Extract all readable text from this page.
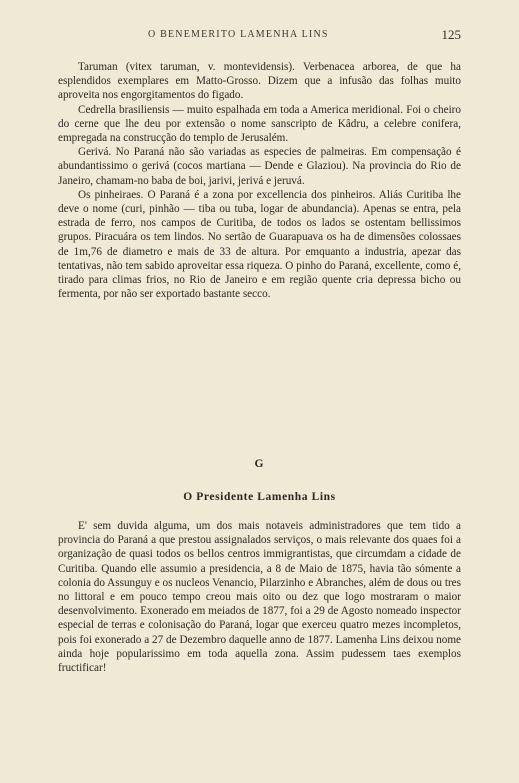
O BENEMERITO LAMENHA LINS	125

Taruman (vitex taruman, v. montevidensis). Verbenacea arborea, de que ha esplendidos exemplares em Matto-Grosso. Dizem que a infusão das folhas muito aproveita nos engorgitamentos do figado.

Cedrella brasiliensis — muito espalhada em toda a America meridional. Foi o cheiro do cerne que lhe deu por extensão o nome sanscripto de Kâdru, a celebre conifera, empregada na construcção do templo de Jerusalém.

Gerivá. No Paraná não são variadas as especies de palmeiras. Em compensação é abundantissimo o gerivá (cocos martiana — Dende e Glaziou). Na provincia do Rio de Janeiro, chamam-no baba de boi, jarivi, jerivá e jeruvá.

Os pinheiraes. O Paraná é a zona por excellencia dos pinheiros. Aliás Curitiba lhe deve o nome (curi, pinhão — tiba ou tuba, logar de abundancia). Apenas se entra, pela estrada de ferro, nos campos de Curitiba, de todos os lados se ostentam bellissimos grupos. Piracuára os tem lindos. No sertão de Guarapuava os ha de dimensões colossaes de 1m,76 de diametro e mais de 33 de altura. Por emquanto a industria, apezar das tentativas, não tem sabido aproveitar essa riqueza. O pinho do Paraná, excellente, como é, tirado para climas frios, no Rio de Janeiro e em região quente cria depressa bicho ou fermenta, por não ser exportado bastante secco.

G
O Presidente Lamenha Lins

E' sem duvida alguma, um dos mais notaveis administradores que tem tido a provincia do Paraná a que prestou assignalados serviços, o mais relevante dos quaes foi a organização de quasi todos os bellos centros immigrantistas, que circumdam a cidade de Curitiba. Quando elle assumio a presidencia, a 8 de Maio de 1875, havia tão sómente a colonia do Assunguy e os nucleos Venancio, Pilarzinho e Abranches, além de dous ou tres no littoral e em pouco tempo creou mais oito ou dez que logo mostraram o maior desenvolvimento. Exonerado em meiados de 1877, foi a 29 de Agosto nomeado inspector especial de terras e colonisação do Paraná, logar que exerceu quatro mezes incompletos, pois foi exonerado a 27 de Dezembro daquelle anno de 1877. Lamenha Lins deixou nome ainda hoje popularissimo em toda aquella zona. Assim pudessem taes exemplos fructificar!
